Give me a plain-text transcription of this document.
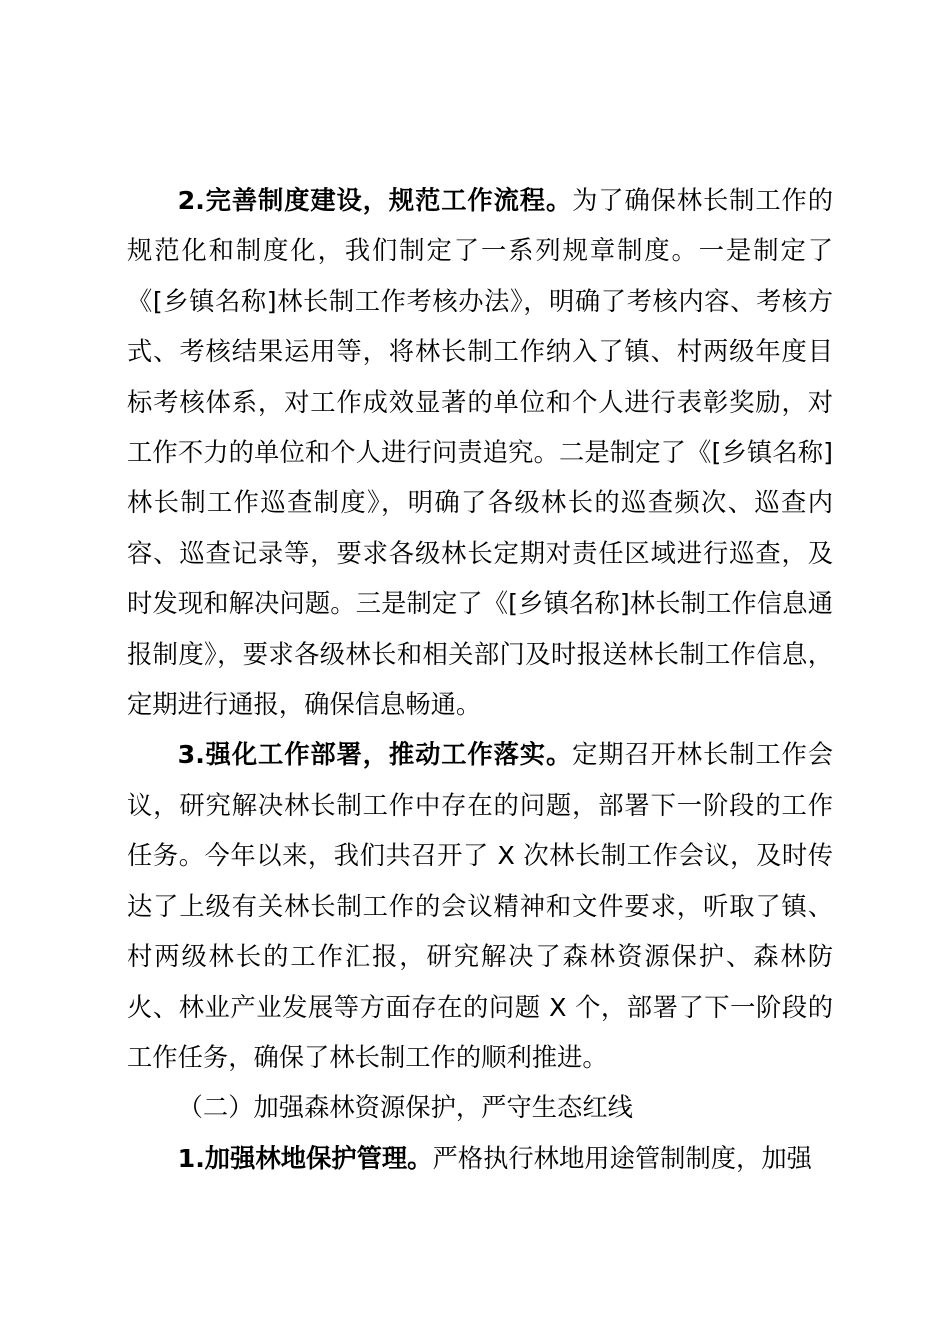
2.完善制度建设，规范工作流程。为了确保林长制工作的规范化和制度化，我们制定了一系列规章制度。一是制定了《[乡镇名称]林长制工作考核办法》，明确了考核内容、考核方式、考核结果运用等，将林长制工作纳入了镇、村两级年度目标考核体系，对工作成效显著的单位和个人进行表彰奖励，对工作不力的单位和个人进行问责追究。二是制定了《[乡镇名称]林长制工作巡查制度》，明确了各级林长的巡查频次、巡查内容、巡查记录等，要求各级林长定期对责任区域进行巡查，及时发现和解决问题。三是制定了《[乡镇名称]林长制工作信息通报制度》，要求各级林长和相关部门及时报送林长制工作信息，定期进行通报，确保信息畅通。

3.强化工作部署，推动工作落实。定期召开林长制工作会议，研究解决林长制工作中存在的问题，部署下一阶段的工作任务。今年以来，我们共召开了 X 次林长制工作会议，及时传达了上级有关林长制工作的会议精神和文件要求，听取了镇、村两级林长的工作汇报，研究解决了森林资源保护、森林防火、林业产业发展等方面存在的问题 X 个，部署了下一阶段的工作任务，确保了林长制工作的顺利推进。

（二）加强森林资源保护，严守生态红线

1.加强林地保护管理。严格执行林地用途管制制度，加强
